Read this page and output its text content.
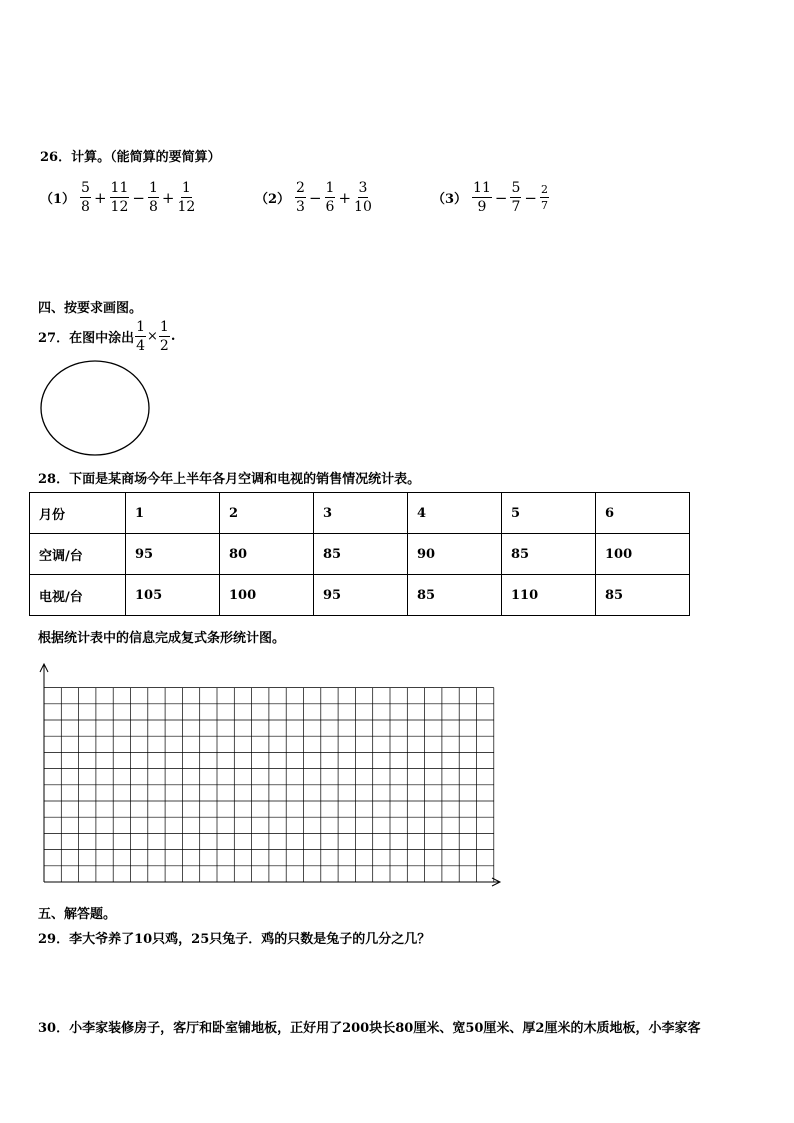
26．计算。（能简算的要简算）
$(1) \frac{5}{8} + \frac{11}{12} - \frac{1}{8} + \frac{1}{12}$	$(2) \frac{2}{3} - \frac{1}{6} + \frac{3}{10}$	$(3) \frac{11}{9} - \frac{5}{7} - \frac{2}{7}$
四、按要求画图。
27．在图中涂出 $\frac{1}{4} \times \frac{1}{2}$ .
28．下面是某商场今年上半年各月空调和电视的销售情况统计表。
月份	1	2	3	4	5	6
空调/台	95	80	85	90	85	100
电视/台	105	100	95	85	110	85
根据统计表中的信息完成复式条形统计图。
五、解答题。
29．李大爷养了10只鸡，25只兔子．鸡的只数是兔子的几分之几？
30．小李家装修房子，客厅和卧室铺地板，正好用了200块长80厘米、宽50厘米、厚2厘米的木质地板，小李家客
